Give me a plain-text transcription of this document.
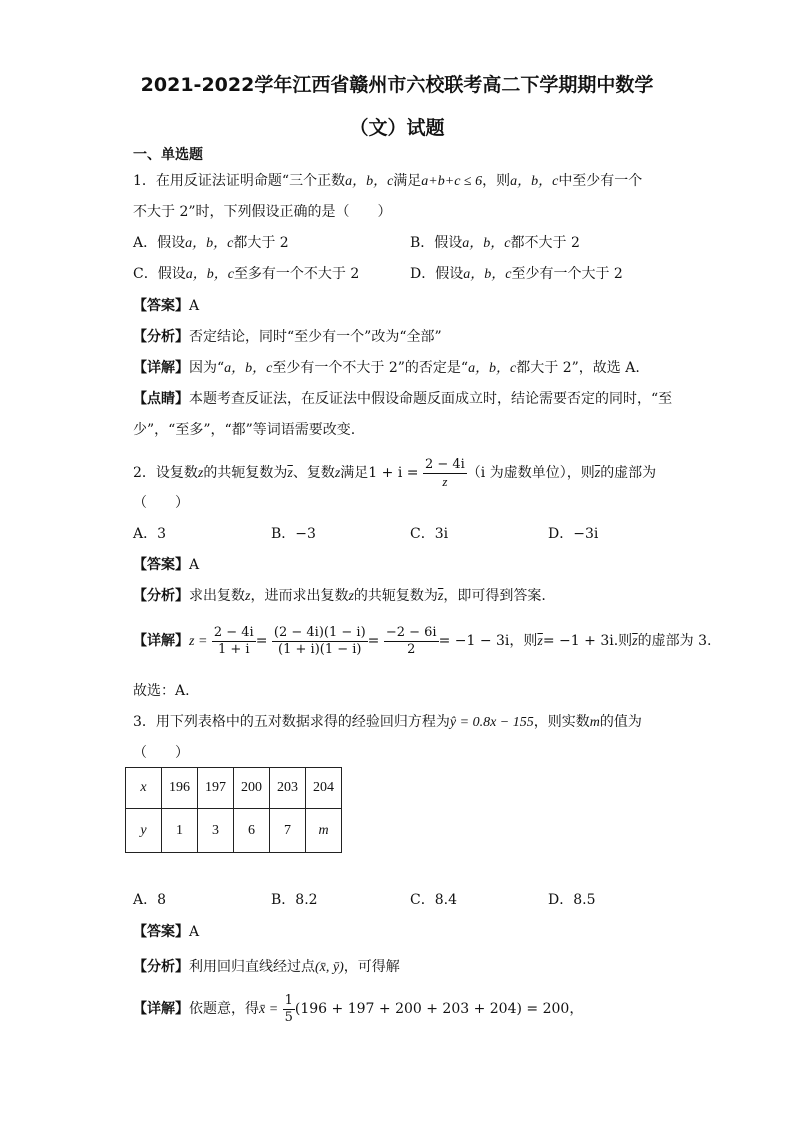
2021-2022学年江西省赣州市六校联考高二下学期期中数学
（文）试题
一、单选题
1．在用反证法证明命题“三个正数a，b，c满足a+b+c ≤ 6，则a，b，c中至少有一个
不大于 2”时，下列假设正确的是（　　）
A．假设a，b，c都大于 2	B．假设a，b，c都不大于 2
C．假设a，b，c至多有一个不大于 2	D．假设a，b，c至少有一个大于 2
【答案】A
【分析】否定结论，同时“至少有一个”改为“全部”
【详解】因为“a，b，c至少有一个不大于 2”的否定是“a，b，c都大于 2”，故选 A.
【点睛】本题考查反证法，在反证法中假设命题反面成立时，结论需要否定的同时，“至
少”，“至多”，“都”等词语需要改变.
2．设复数z的共轭复数为$\overline{z}$、复数z满足$1 + i = \frac{2 - 4i}{z} (i$ 为虚数单位），则$\overline{z}$的虚部为
（　　）
A．3	B．−3	C．3i	D．−3i
【答案】A
【分析】求出复数z，进而求出复数z的共轭复数为$\overline{z}$，即可得到答案.
【详解】$z = \frac{2 - 4i}{1 + i} = \frac{(2 - 4i)(1 - i)}{(1 + i)(1 - i)} = \frac{-2 - 6i}{2} = -1 - 3i$，则$\overline{z}= -1 + 3i$.则$\overline{z}$的虚部为 3.
故选：A.
3．用下列表格中的五对数据求得的经验回归方程为ŷ = 0.8x − 155，则实数m的值为
（　　）
x	196	197	200	203	204
y	1	3	6	7	m
A．8	B．8.2	C．8.4	D．8.5
【答案】A
【分析】利用回归直线经过点(x̄, ȳ)，可得解
【详解】依题意，得x̄ = $\frac{1}{5} (196 + 197 + 200 + 203 + 204) = 200$，
